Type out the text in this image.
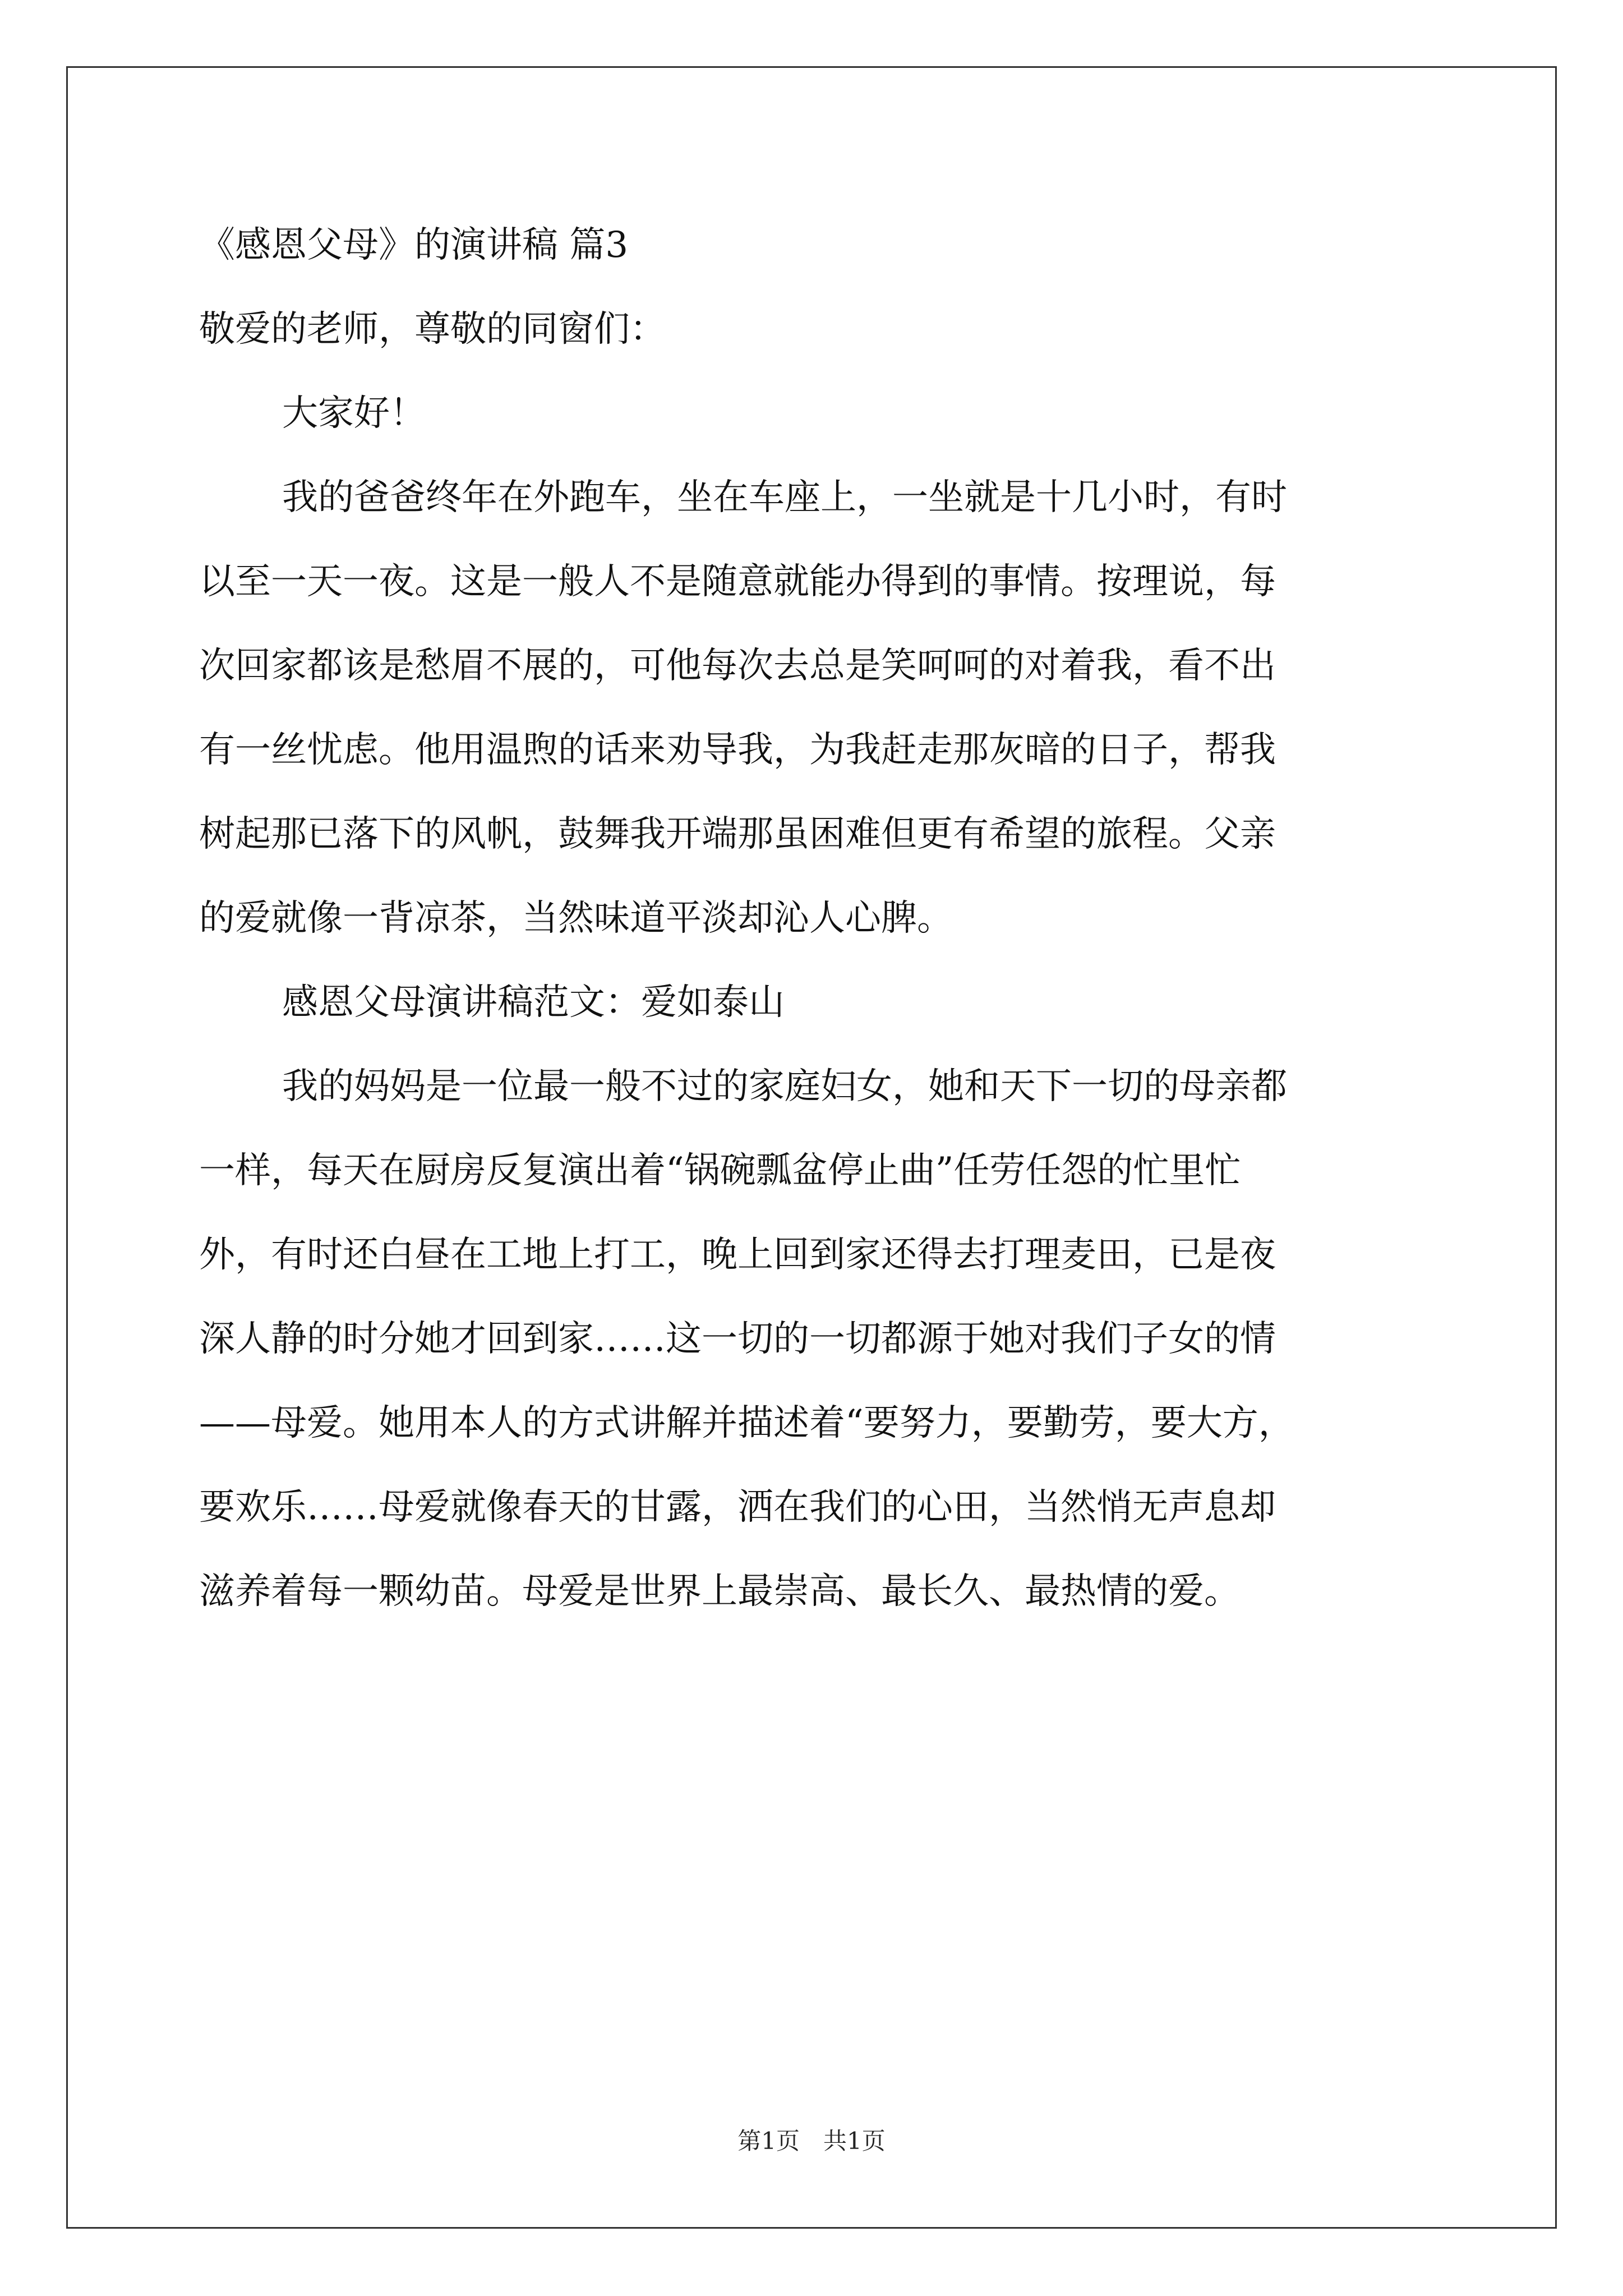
《感恩父母》的演讲稿 篇3
敬爱的老师，尊敬的同窗们：
大家好！
我的爸爸终年在外跑车，坐在车座上，一坐就是十几小时，有时
以至一天一夜。这是一般人不是随意就能办得到的事情。按理说，每
次回家都该是愁眉不展的，可他每次去总是笑呵呵的对着我，看不出
有一丝忧虑。他用温煦的话来劝导我，为我赶走那灰暗的日子，帮我
树起那已落下的风帆，鼓舞我开端那虽困难但更有希望的旅程。父亲
的爱就像一背凉茶，当然味道平淡却沁人心脾。
感恩父母演讲稿范文：爱如泰山
我的妈妈是一位最一般不过的家庭妇女，她和天下一切的母亲都
一样，每天在厨房反复演出着“锅碗瓢盆停止曲”任劳任怨的忙里忙
外，有时还白昼在工地上打工，晚上回到家还得去打理麦田，已是夜
深人静的时分她才回到家……这一切的一切都源于她对我们子女的情
——母爱。她用本人的方式讲解并描述着“要努力，要勤劳，要大方，
要欢乐……母爱就像春天的甘露，洒在我们的心田，当然悄无声息却
滋养着每一颗幼苗。母爱是世界上最崇高、最长久、最热情的爱。
第1页　共1页
